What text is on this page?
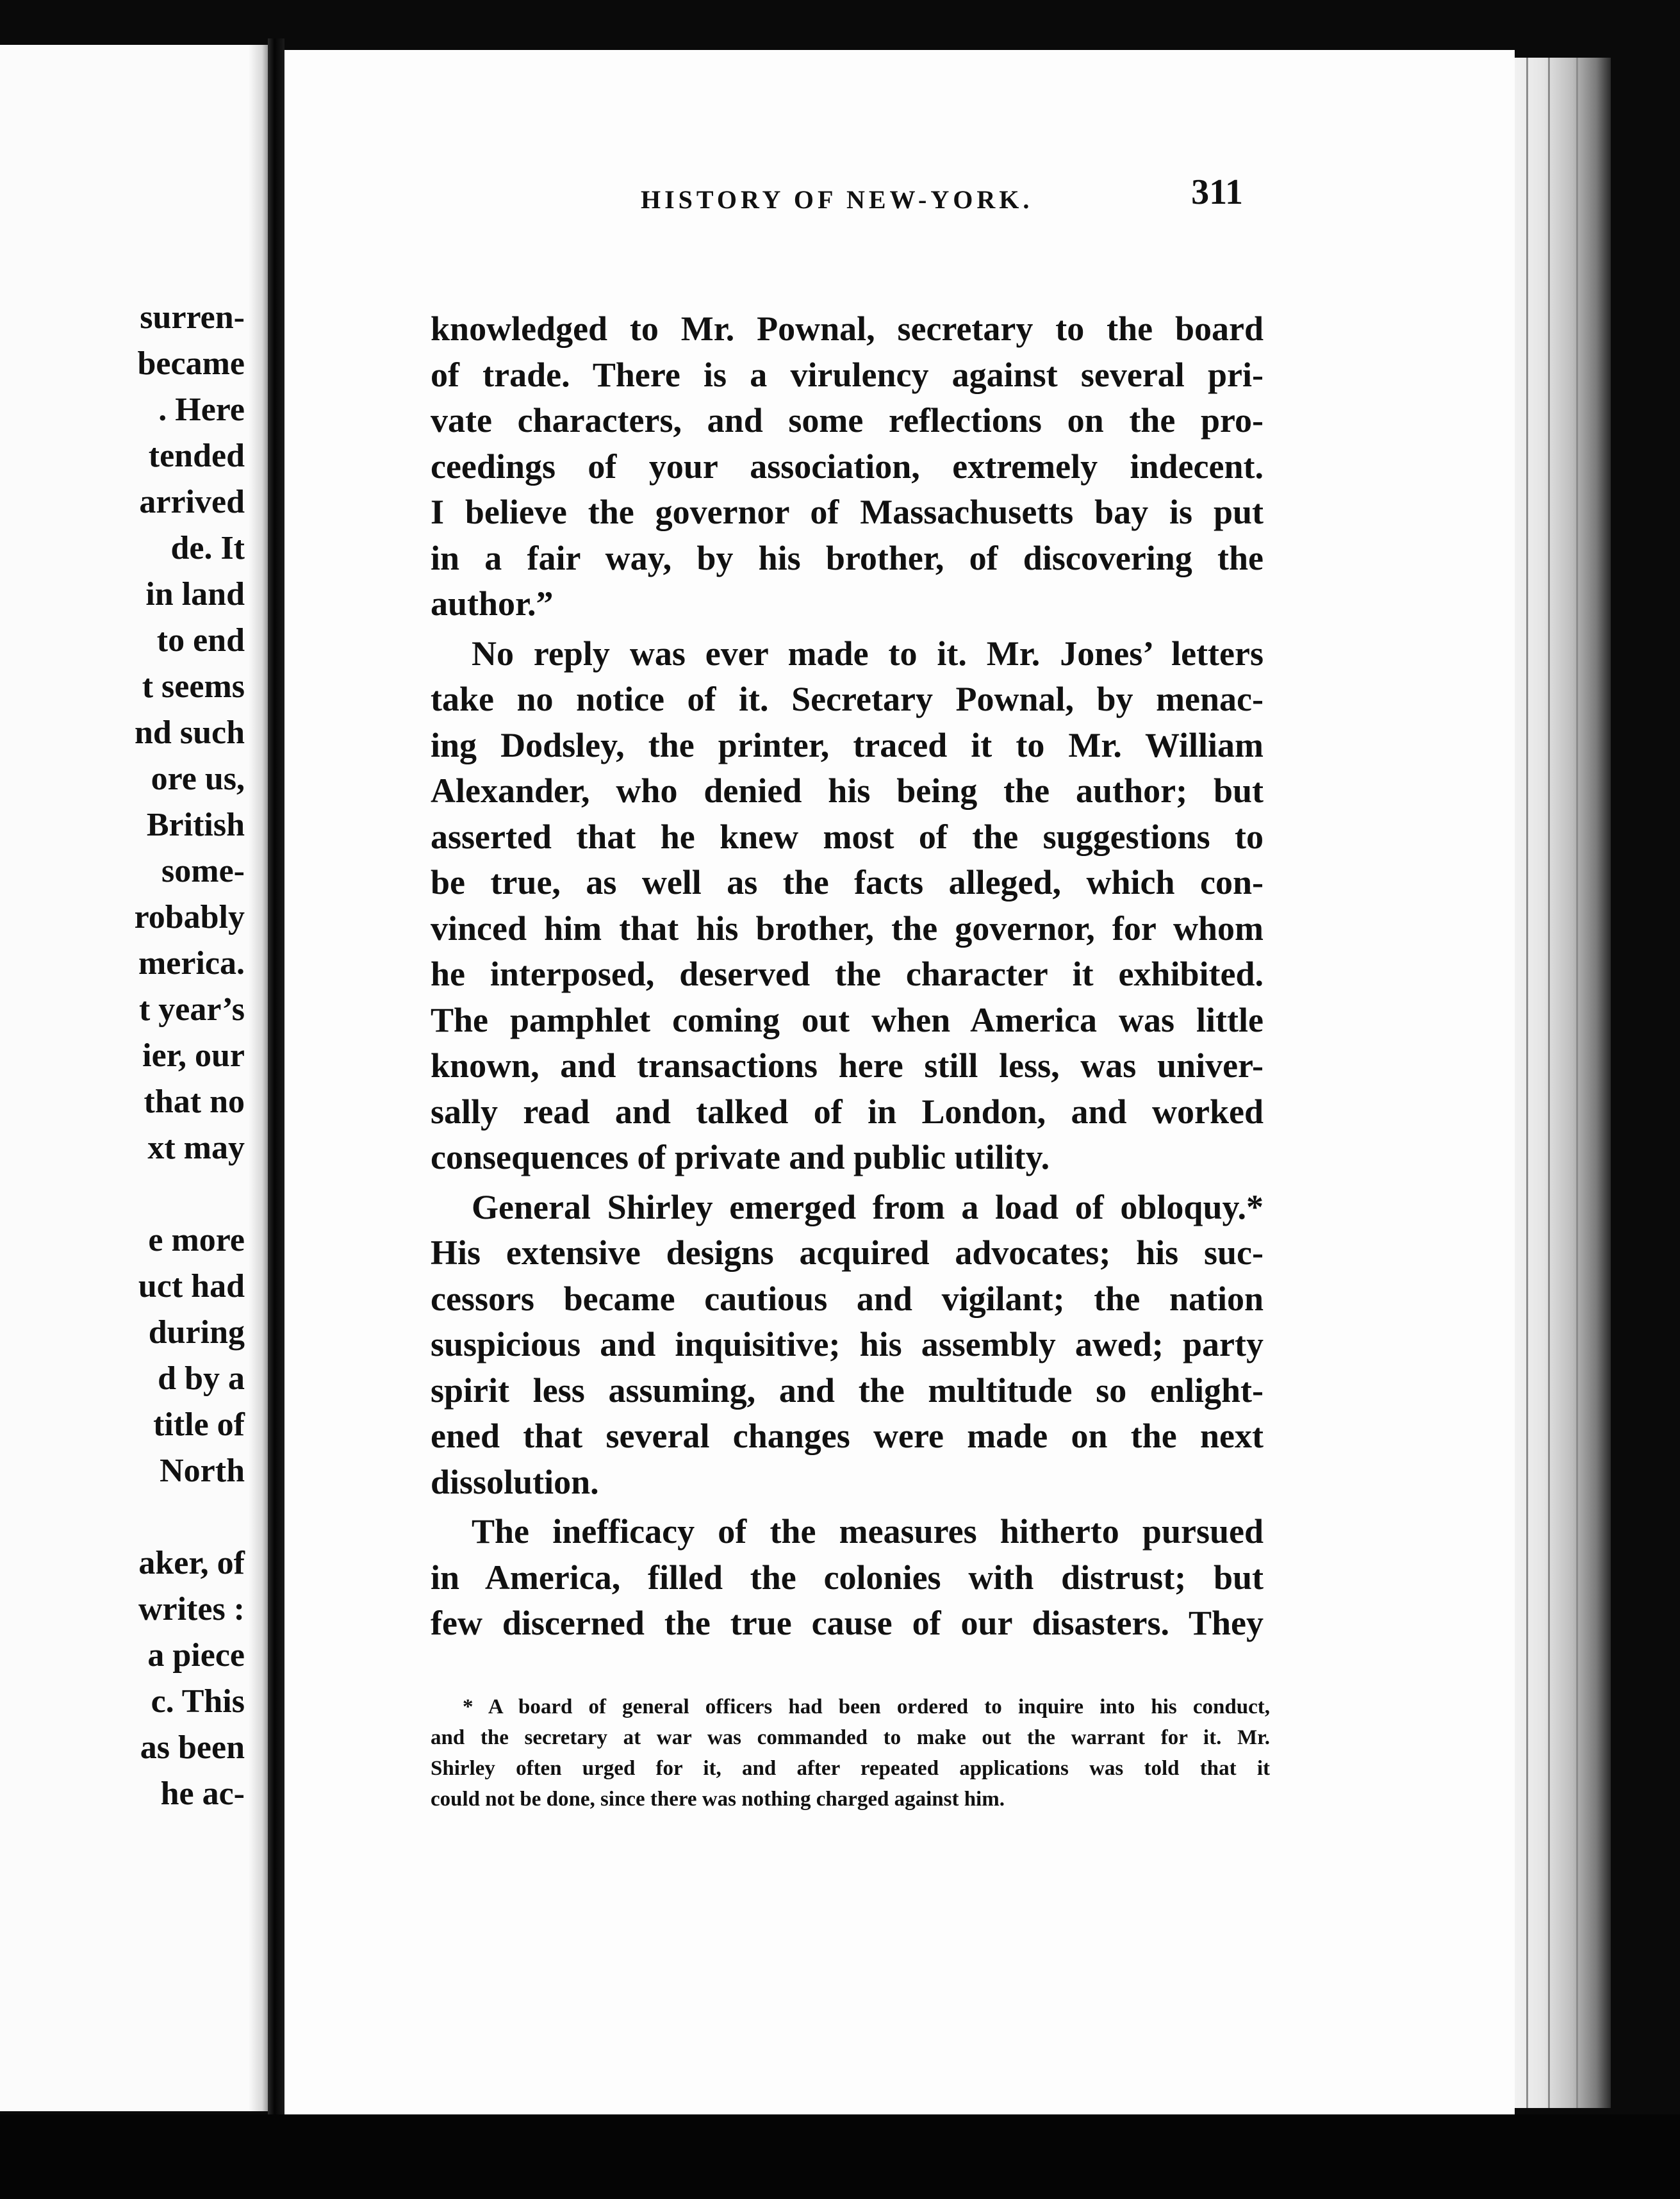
surren-
became
. Here
tended
arrived
de. It
in land
to end
t seems
nd such
ore us,
British
some-
robably
merica.
t year’s
ier, our
that no
xt may
e more
uct had
during
d by a
title of
North
aker, of
writes :
a piece
c. This
as been
he ac-
HISTORY OF NEW-YORK.	311
knowledged to Mr. Pownal, secretary to the board
of trade. There is a virulency against several pri-
vate characters, and some reflections on the pro-
ceedings of your association, extremely indecent.
I believe the governor of Massachusetts bay is put
in a fair way, by his brother, of discovering the
author.”
No reply was ever made to it. Mr. Jones’ letters
take no notice of it. Secretary Pownal, by menac-
ing Dodsley, the printer, traced it to Mr. William
Alexander, who denied his being the author; but
asserted that he knew most of the suggestions to
be true, as well as the facts alleged, which con-
vinced him that his brother, the governor, for whom
he interposed, deserved the character it exhibited.
The pamphlet coming out when America was little
known, and transactions here still less, was univer-
sally read and talked of in London, and worked
consequences of private and public utility.
General Shirley emerged from a load of obloquy.*
His extensive designs acquired advocates; his suc-
cessors became cautious and vigilant; the nation
suspicious and inquisitive; his assembly awed; party
spirit less assuming, and the multitude so enlight-
ened that several changes were made on the next
dissolution.
The inefficacy of the measures hitherto pursued
in America, filled the colonies with distrust; but
few discerned the true cause of our disasters. They
* A board of general officers had been ordered to inquire into his conduct,
and the secretary at war was commanded to make out the warrant for it. Mr.
Shirley often urged for it, and after repeated applications was told that it
could not be done, since there was nothing charged against him.
